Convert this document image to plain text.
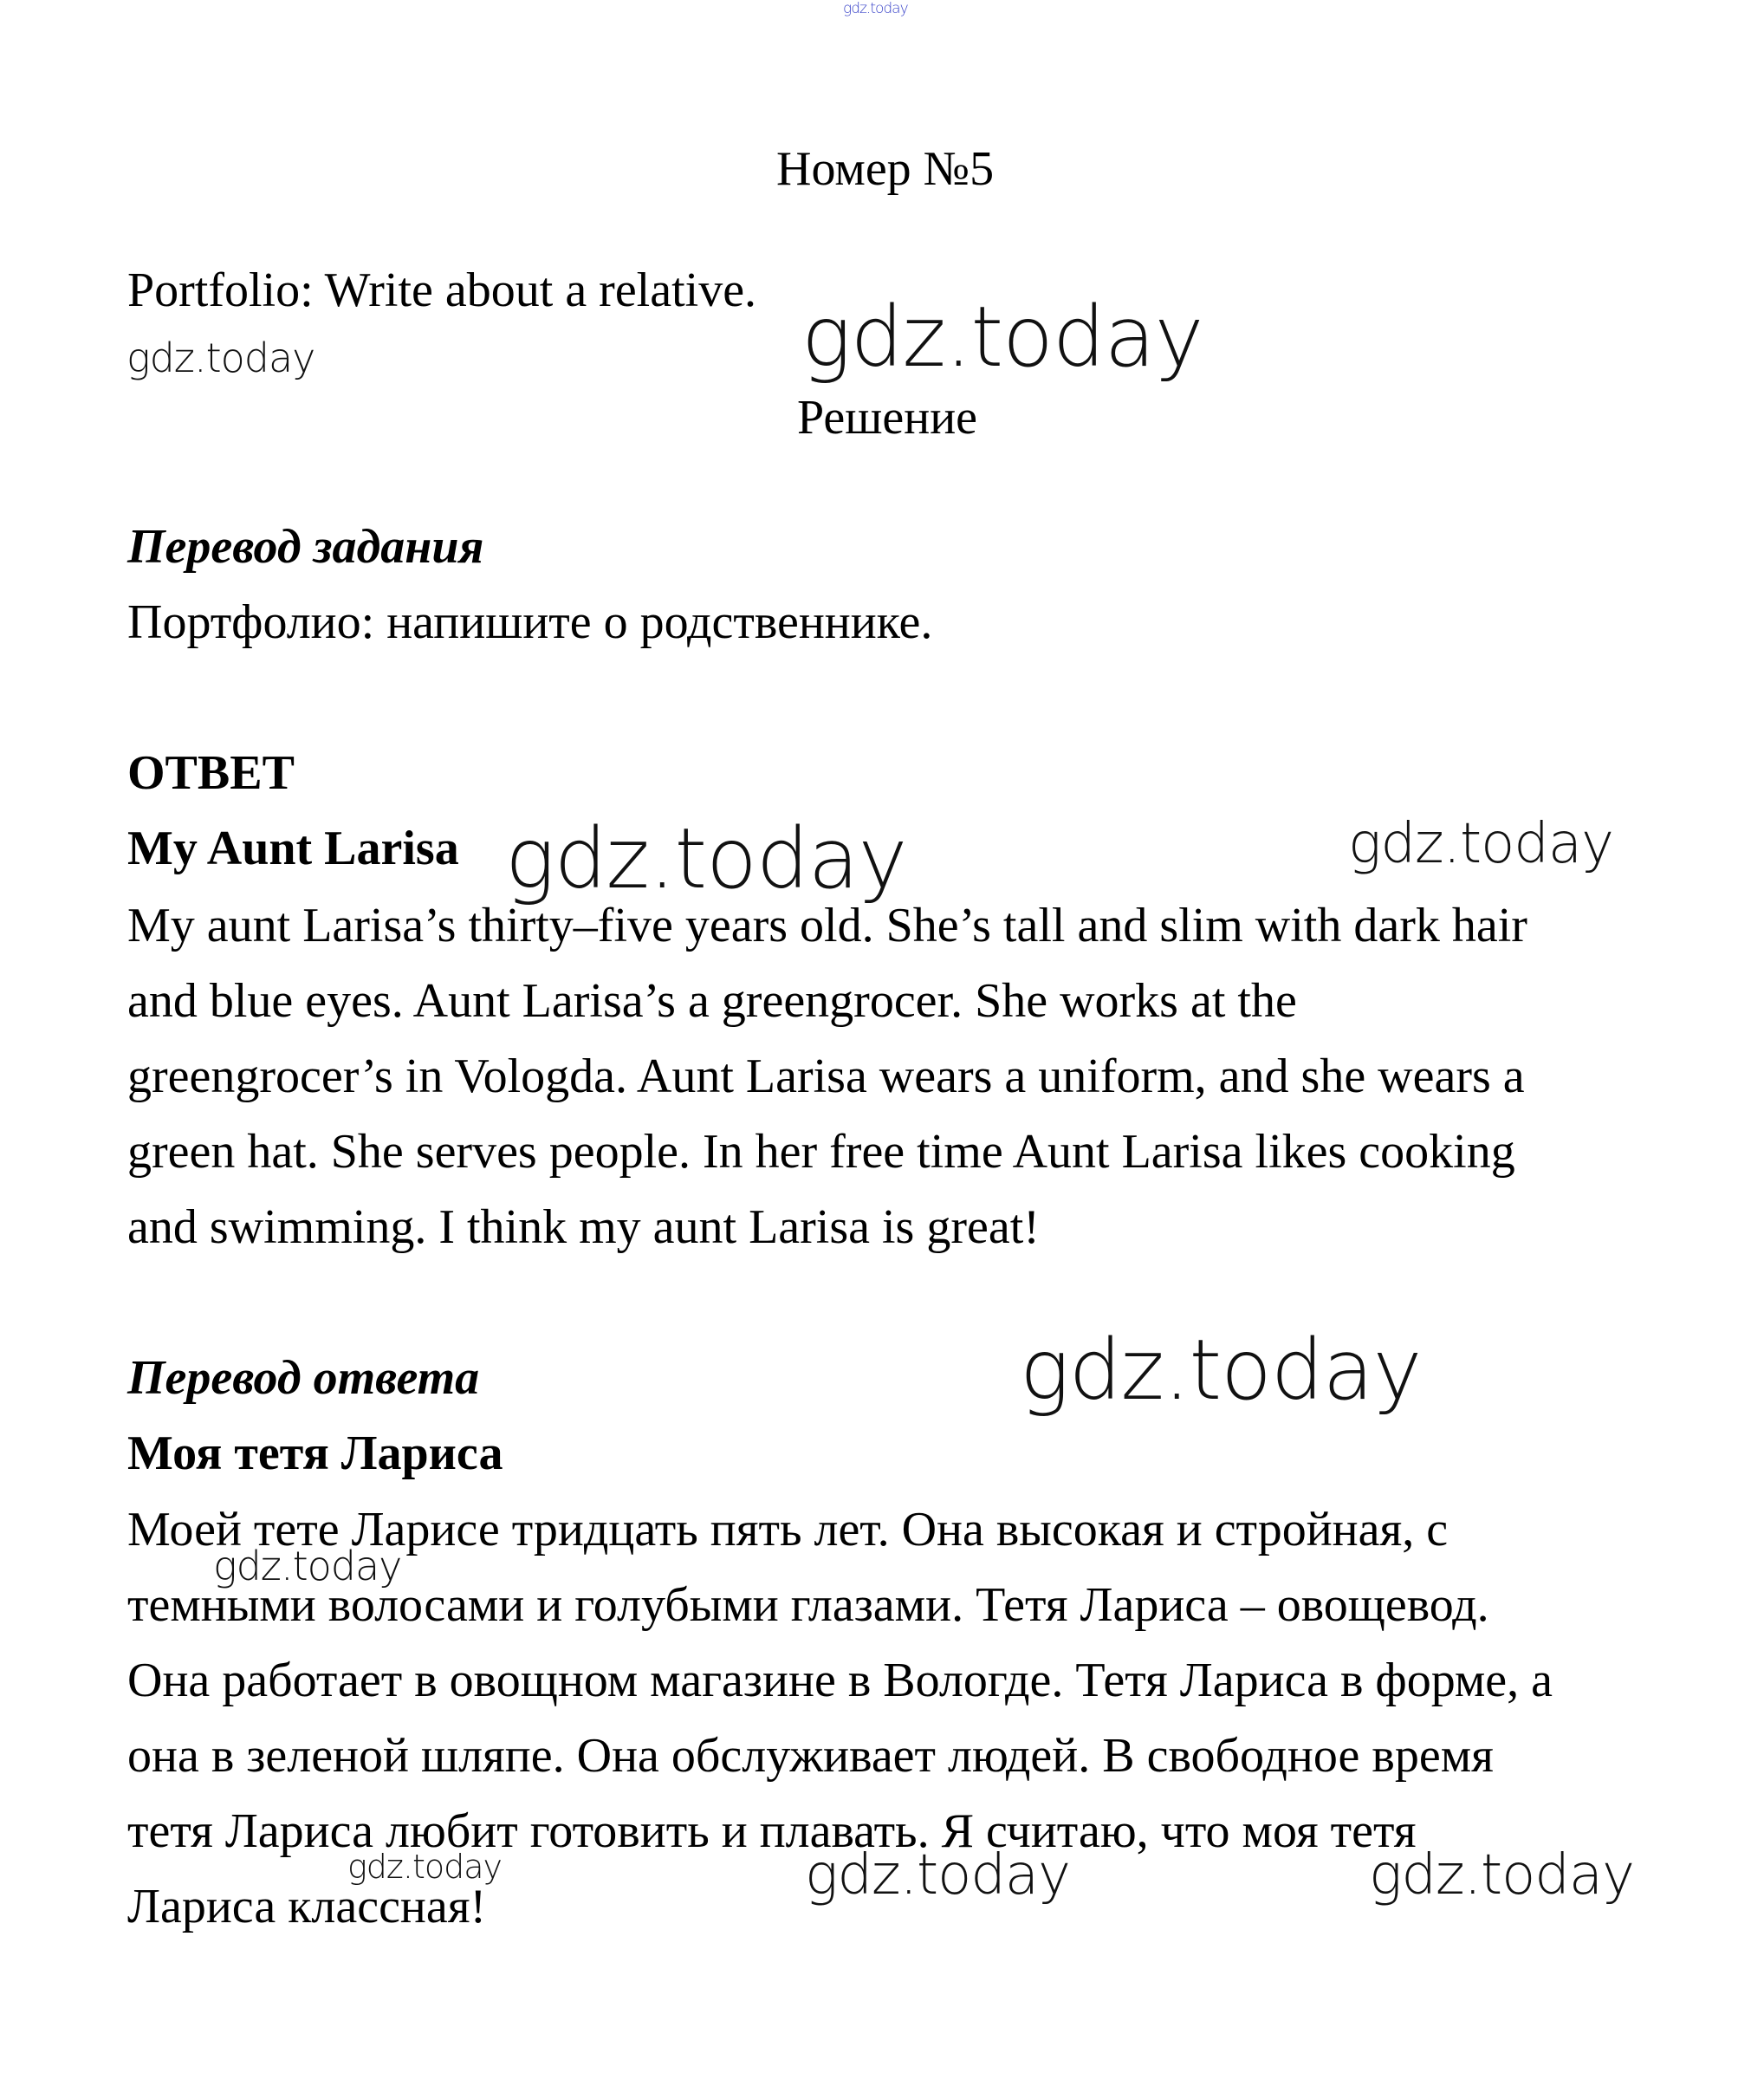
gdz.today
Номер №5
Portfolio: Write about a relative.
Решение
Перевод задания
Портфолио: напишите о родственнике.
ОТВЕТ
My Aunt Larisa
My aunt Larisa’s thirty–five years old. She’s tall and slim with dark hair
and blue eyes. Aunt Larisa’s a greengrocer. She works at the
greengrocer’s in Vologda. Aunt Larisa wears a uniform, and she wears a
green hat. She serves people. In her free time Aunt Larisa likes cooking
and swimming. I think my aunt Larisa is great!
Перевод ответа
Моя тетя Лариса
Моей тете Ларисе тридцать пять лет. Она высокая и стройная, с
темными волосами и голубыми глазами. Тетя Лариса – овощевод.
Она работает в овощном магазине в Вологде. Тетя Лариса в форме, а
она в зеленой шляпе. Она обслуживает людей. В свободное время
тетя Лариса любит готовить и плавать. Я считаю, что моя тетя
Лариса классная!
gdz.today
gdz.today
gdz.today	gdz.today
gdz.today
gdz.today
gdz.today	gdz.today	gdz.today
